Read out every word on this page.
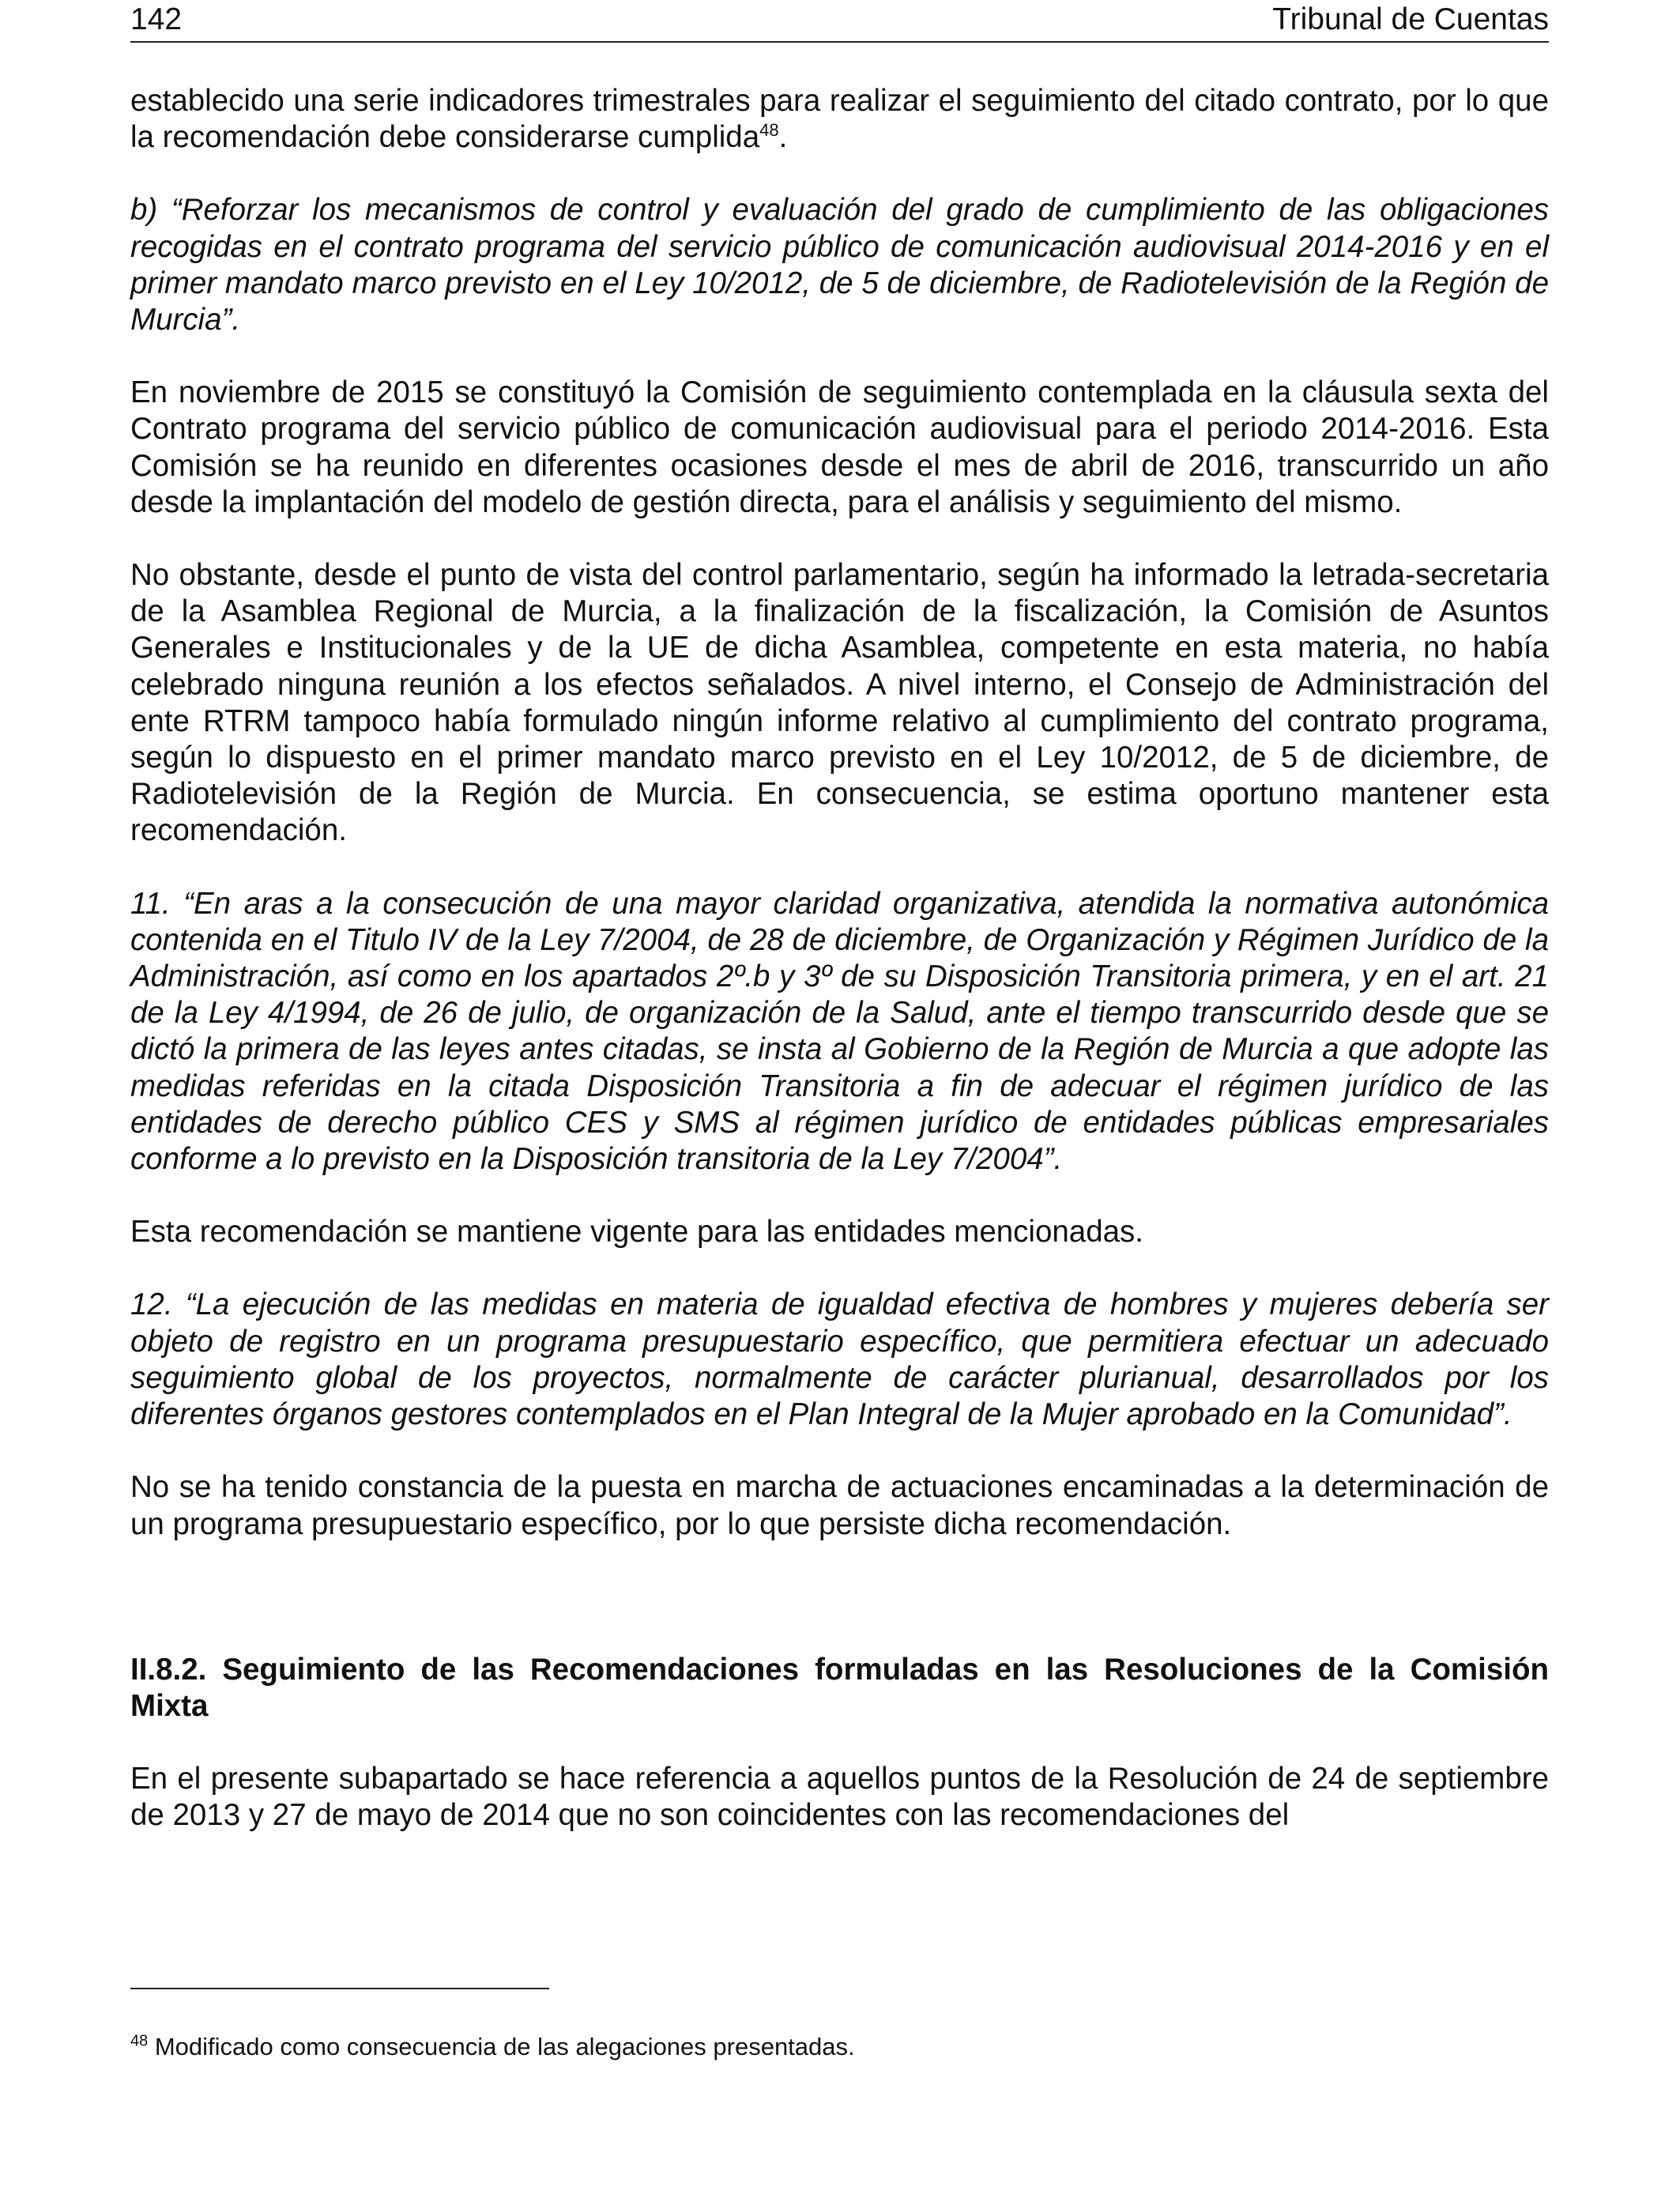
142	Tribunal de Cuentas

establecido una serie indicadores trimestrales para realizar el seguimiento del citado contrato, por lo que la recomendación debe considerarse cumplida$^{48}$.

b) “Reforzar los mecanismos de control y evaluación del grado de cumplimiento de las obligaciones recogidas en el contrato programa del servicio público de comunicación audiovisual 2014-2016 y en el primer mandato marco previsto en el Ley 10/2012, de 5 de diciembre, de Radiotelevisión de la Región de Murcia”.

En noviembre de 2015 se constituyó la Comisión de seguimiento contemplada en la cláusula sexta del Contrato programa del servicio público de comunicación audiovisual para el periodo 2014-2016. Esta Comisión se ha reunido en diferentes ocasiones desde el mes de abril de 2016, transcurrido un año desde la implantación del modelo de gestión directa, para el análisis y seguimiento del mismo.

No obstante, desde el punto de vista del control parlamentario, según ha informado la letrada-secretaria de la Asamblea Regional de Murcia, a la finalización de la fiscalización, la Comisión de Asuntos Generales e Institucionales y de la UE de dicha Asamblea, competente en esta materia, no había celebrado ninguna reunión a los efectos señalados. A nivel interno, el Consejo de Administración del ente RTRM tampoco había formulado ningún informe relativo al cumplimiento del contrato programa, según lo dispuesto en el primer mandato marco previsto en el Ley 10/2012, de 5 de diciembre, de Radiotelevisión de la Región de Murcia. En consecuencia, se estima oportuno mantener esta recomendación.

11. “En aras a la consecución de una mayor claridad organizativa, atendida la normativa autonómica contenida en el Titulo IV de la Ley 7/2004, de 28 de diciembre, de Organización y Régimen Jurídico de la Administración, así como en los apartados 2º.b y 3º de su Disposición Transitoria primera, y en el art. 21 de la Ley 4/1994, de 26 de julio, de organización de la Salud, ante el tiempo transcurrido desde que se dictó la primera de las leyes antes citadas, se insta al Gobierno de la Región de Murcia a que adopte las medidas referidas en la citada Disposición Transitoria a fin de adecuar el régimen jurídico de las entidades de derecho público CES y SMS al régimen jurídico de entidades públicas empresariales conforme a lo previsto en la Disposición transitoria de la Ley 7/2004”.

Esta recomendación se mantiene vigente para las entidades mencionadas.

12. “La ejecución de las medidas en materia de igualdad efectiva de hombres y mujeres debería ser objeto de registro en un programa presupuestario específico, que permitiera efectuar un adecuado seguimiento global de los proyectos, normalmente de carácter plurianual, desarrollados por los diferentes órganos gestores contemplados en el Plan Integral de la Mujer aprobado en la Comunidad”.

No se ha tenido constancia de la puesta en marcha de actuaciones encaminadas a la determinación de un programa presupuestario específico, por lo que persiste dicha recomendación.

II.8.2. Seguimiento de las Recomendaciones formuladas en las Resoluciones de la Comisión Mixta

En el presente subapartado se hace referencia a aquellos puntos de la Resolución de 24 de septiembre de 2013 y 27 de mayo de 2014 que no son coincidentes con las recomendaciones del

$^{48}$ Modificado como consecuencia de las alegaciones presentadas.
